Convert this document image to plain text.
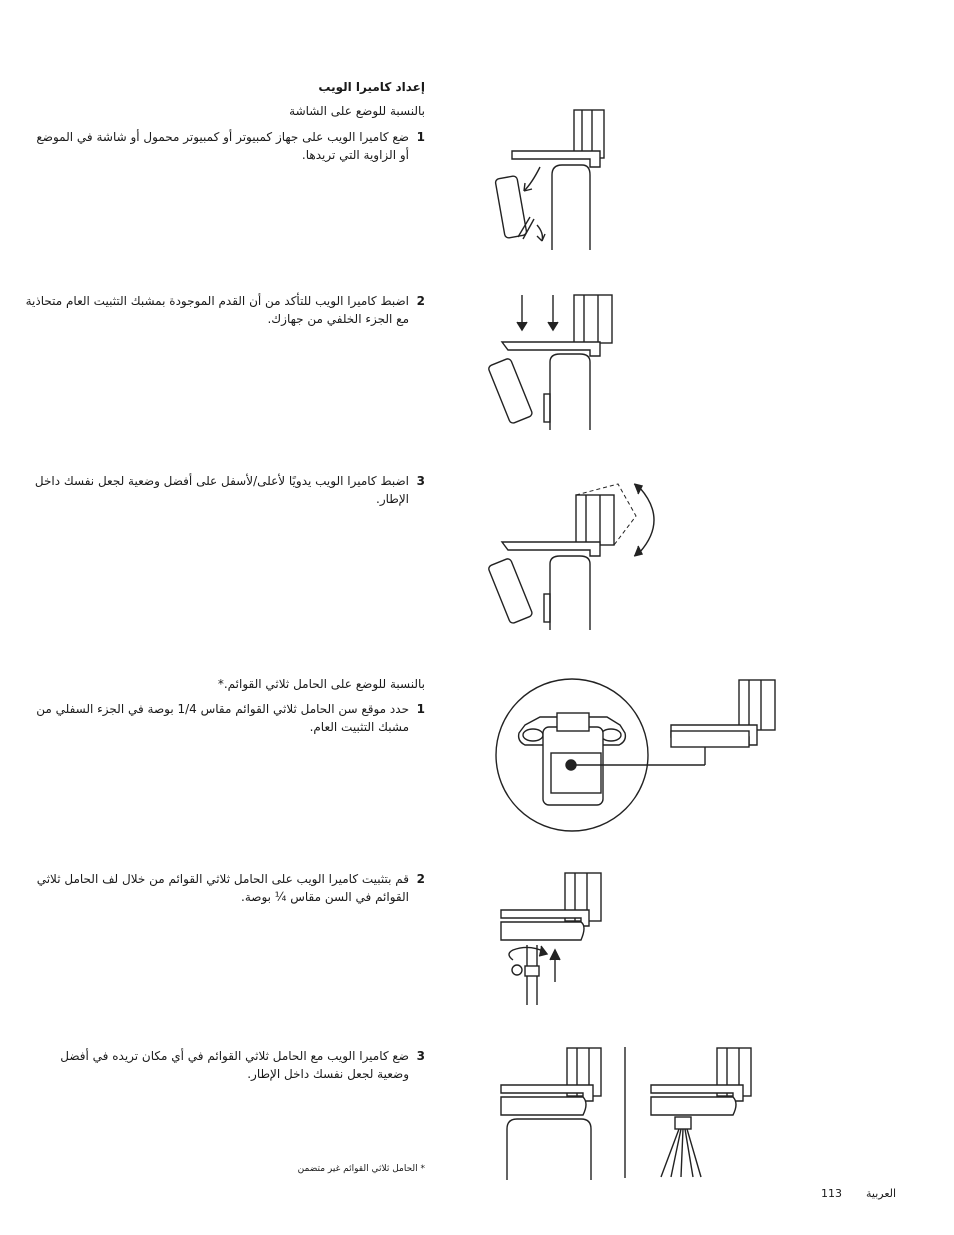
إعداد كاميرا الويب
بالنسبة للوضع على الشاشة
1
ضع كاميرا الويب على جهاز كمبيوتر أو كمبيوتر محمول أو شاشة في الموضع أو الزاوية التي تريدها.
2
اضبط كاميرا الويب للتأكد من أن القدم الموجودة بمشبك التثبيت العام متحاذية مع الجزء الخلفي من جهازك.
3
اضبط كاميرا الويب يدويًا لأعلى/لأسفل على أفضل وضعية لجعل نفسك داخل الإطار.
بالنسبة للوضع على الحامل ثلاثي القوائم.*
1
حدد موقع سن الحامل ثلاثي القوائم مقاس 1/4 بوصة في الجزء السفلي من مشبك التثبيت العام.
2
قم بتثبيت كاميرا الويب على الحامل ثلاثي القوائم من خلال لف الحامل ثلاثي القوائم في السن مقاس ¼ بوصة.
3
ضع كاميرا الويب مع الحامل ثلاثي القوائم في أي مكان تريده في أفضل وضعية لجعل نفسك داخل الإطار.
* الحامل ثلاثي القوائم غير متضمن
113 العربية
